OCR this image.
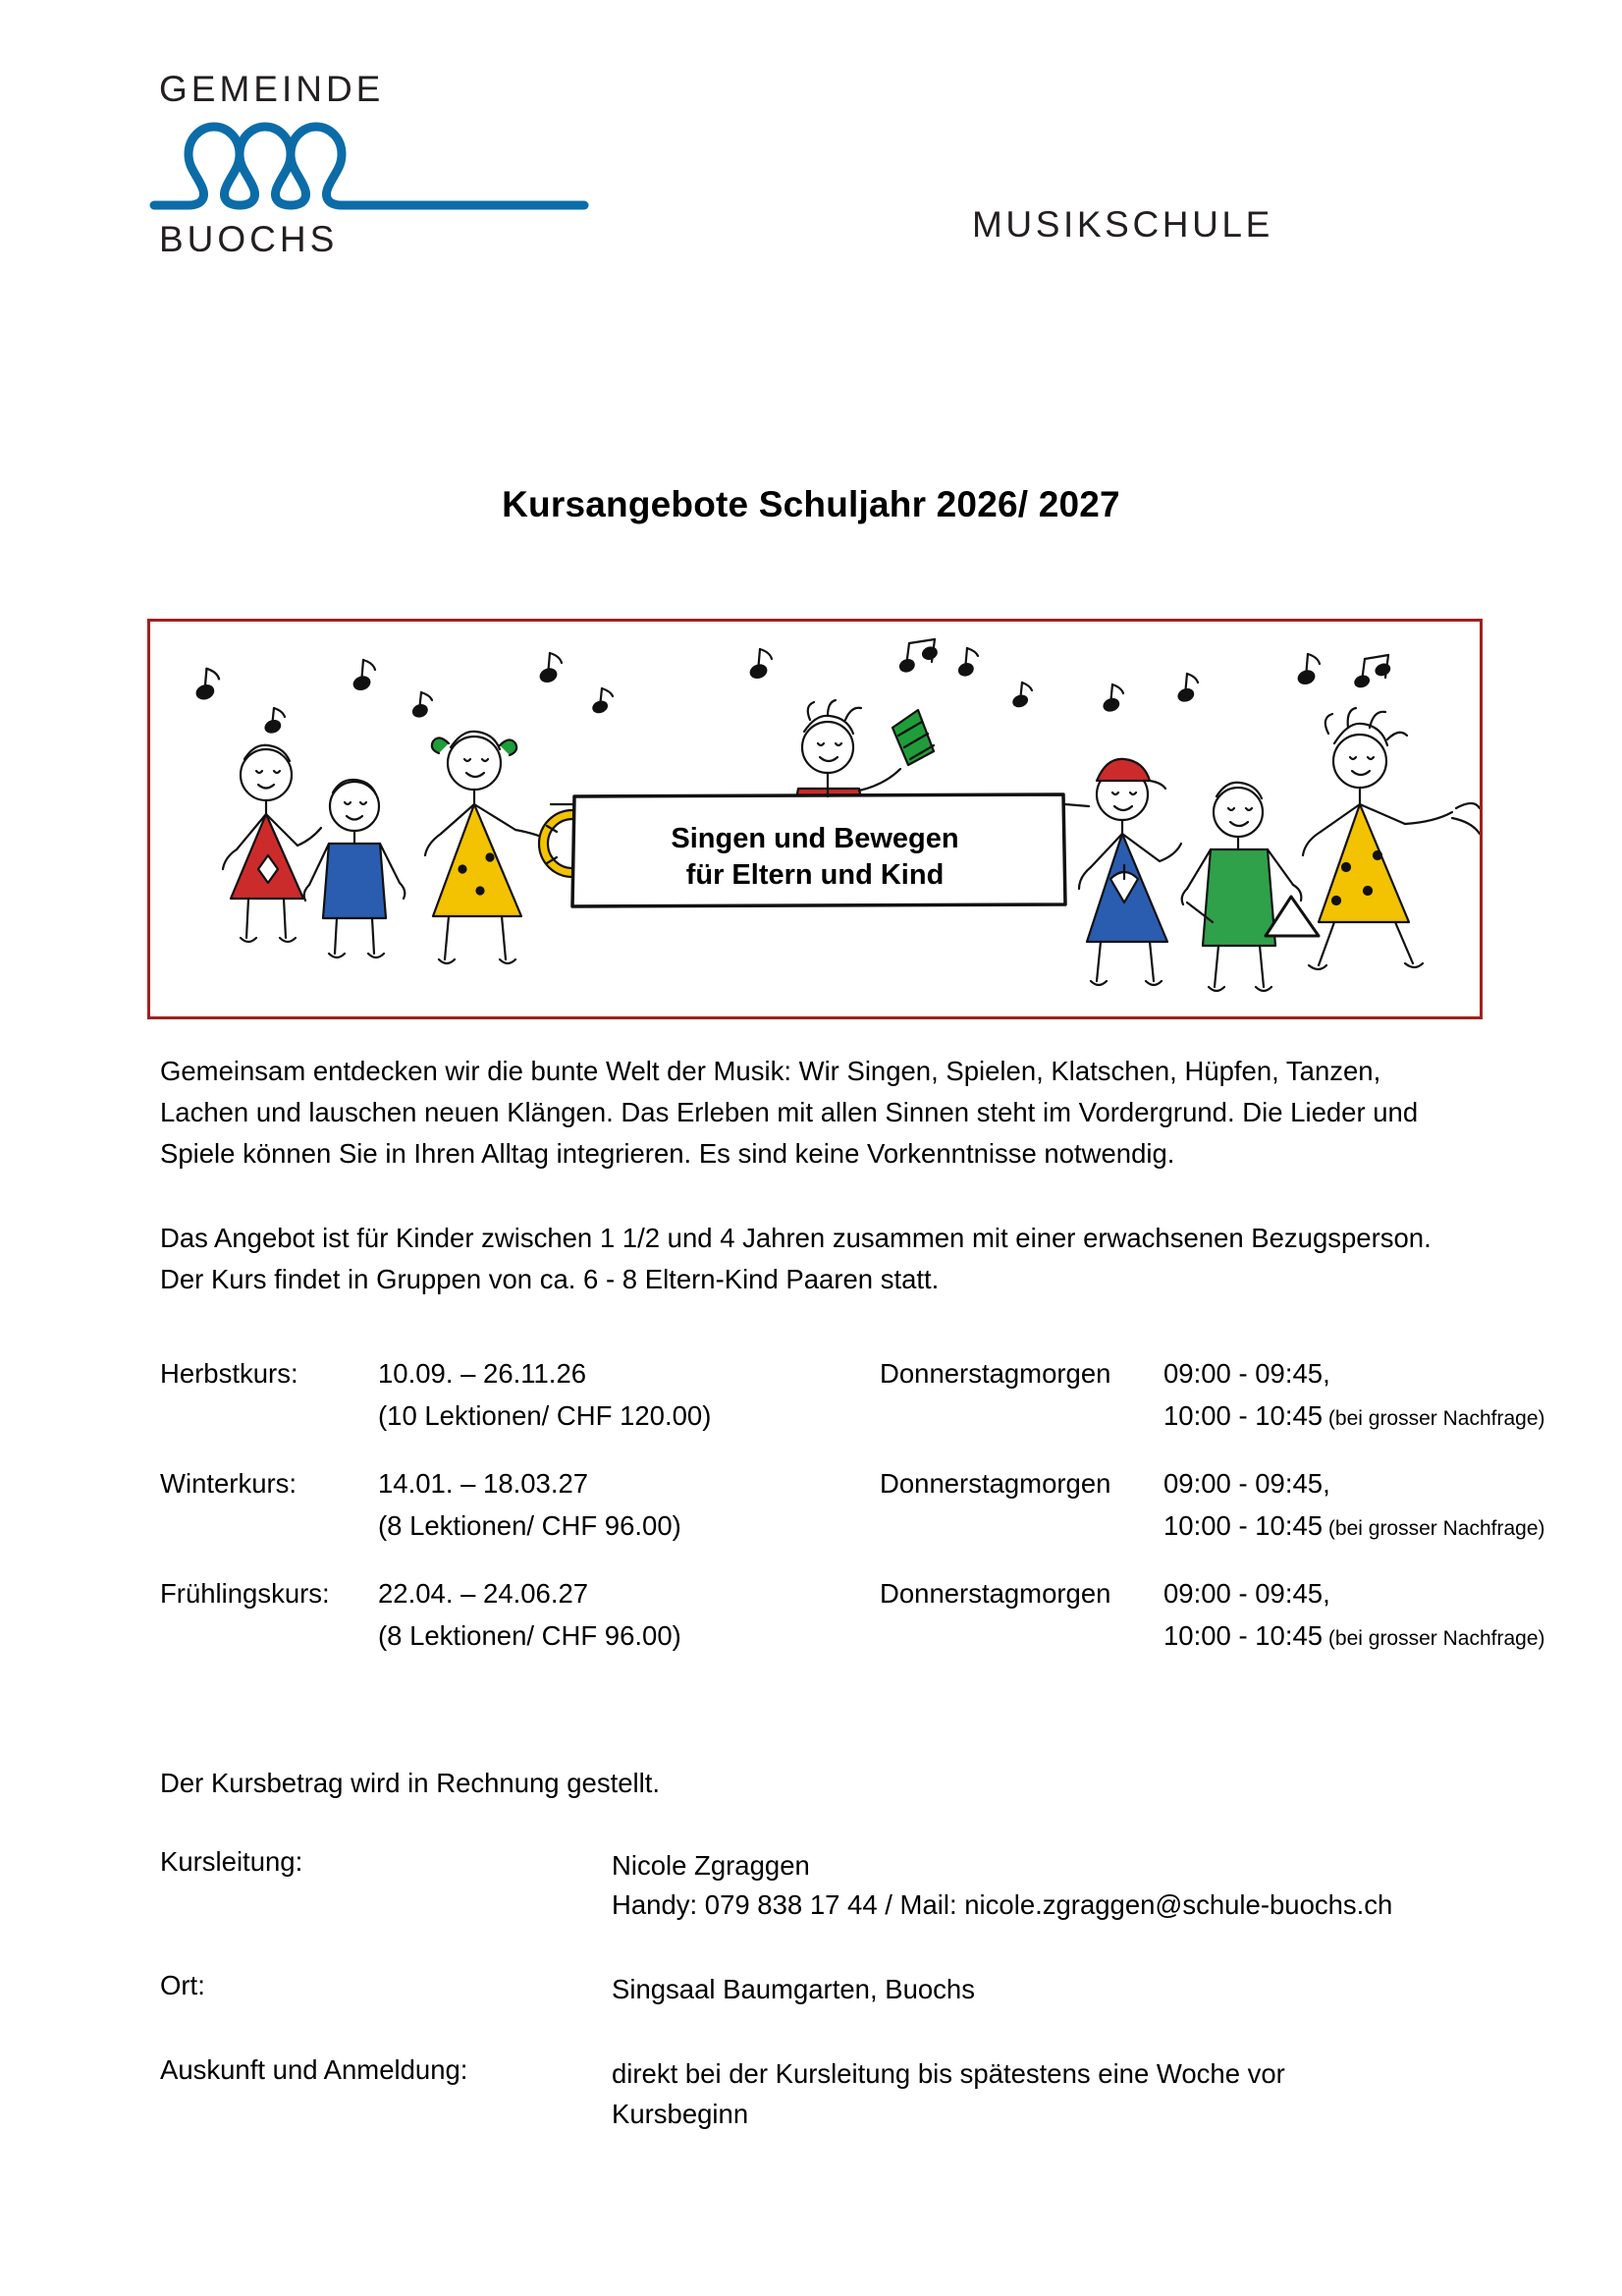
GEMEINDE
BUOCHS	MUSIKSCHULE
Kursangebote Schuljahr 2026/ 2027
Singen und Bewegen
für Eltern und Kind
Gemeinsam entdecken wir die bunte Welt der Musik: Wir Singen, Spielen, Klatschen, Hüpfen, Tanzen, Lachen und lauschen neuen Klängen. Das Erleben mit allen Sinnen steht im Vordergrund. Die Lieder und Spiele können Sie in Ihren Alltag integrieren. Es sind keine Vorkenntnisse notwendig.
Das Angebot ist für Kinder zwischen 1 1/2 und 4 Jahren zusammen mit einer erwachsenen Bezugsperson. Der Kurs findet in Gruppen von ca. 6 - 8 Eltern-Kind Paaren statt.
Herbstkurs:	10.09. – 26.11.26
(10 Lektionen/ CHF 120.00)
Donnerstagmorgen 09:00 - 09:45,
10:00 - 10:45 (bei grosser Nachfrage)
Winterkurs:	14.01. – 18.03.27
(8 Lektionen/ CHF 96.00)
Donnerstagmorgen 09:00 - 09:45,
10:00 - 10:45 (bei grosser Nachfrage)
Frühlingskurs: 22.04. – 24.06.27
(8 Lektionen/ CHF 96.00)
Donnerstagmorgen 09:00 - 09:45,
10:00 - 10:45 (bei grosser Nachfrage)
Der Kursbetrag wird in Rechnung gestellt.
Kursleitung:	Nicole Zgraggen
Handy: 079 838 17 44 / Mail: nicole.zgraggen@schule-buochs.ch
Ort:	Singsaal Baumgarten, Buochs
Auskunft und Anmeldung:	direkt bei der Kursleitung bis spätestens eine Woche vor Kursbeginn
